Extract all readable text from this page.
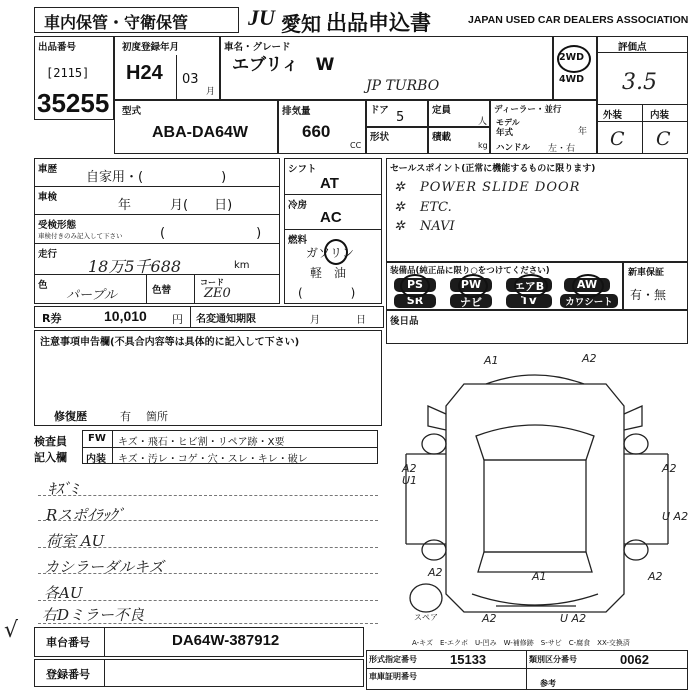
車内保管・守衛保管	JU 愛知 出品申込書	JAPAN USED CAR DEALERS ASSOCIATION
出品番号
[2115]
35255
初度登録年月
H24 03
月
車名・グレード
エブリィ　W
JP TURBO
2WD
4WD
評価点
3.5
外装	内装
C C
型式
ABA-DA64W
排気量
660
CC
ドア 5	定員
人
形状	積載
kg
ディーラー・並行
モデル
年式	年
ハンドル 左・右
車歴
自家用・(　　　　　　)
車検
年　　　月(　　日)
受検形態
車検付きのみ記入して下さい	(　　　　　　　)
走行
18万5千688	km
色
パープル	色替
コード
ZE0
シフト
AT
冷房
AC
燃料
ガソリン
軽　油
(　　　　)
セールスポイント(正常に機能するものに限ります)
✲ POWER SLIDE DOOR
✲ ETC.
✲ NAVI
装備品(純正品に限り○をつけてください)
PS	PW	エアB	AW
SR	ナビ	TV	カワシート
新車保証
有・無
R券	10,010 円 名変通知期限	月	日	後日品
注意事項申告欄(不具合内容等は具体的に記入して下さい)
修復歴	有 箇所
検査員
記入欄
FW キズ・飛石・ヒビ割・リペア跡・X要
内装 キズ・汚レ・コゲ・穴・スレ・キレ・破レ
ｷｽﾞﾐ
Rスポｲﾗｯｸﾞ
荷室 AU
カシラーダルキズ
各AU
右Dミラー不良
√
A1	A2
A2
U1
A2
A1
A2	A2
U A2
A2	U A2
スペア
A-キズ　E-エクボ　U-凹み　W-補修跡　S-サビ　C-腐食　XX-交換済
車台番号	DA64W-387912
登録番号
形式指定番号	15133	類別区分番号	0062
車庫証明番号
参考
